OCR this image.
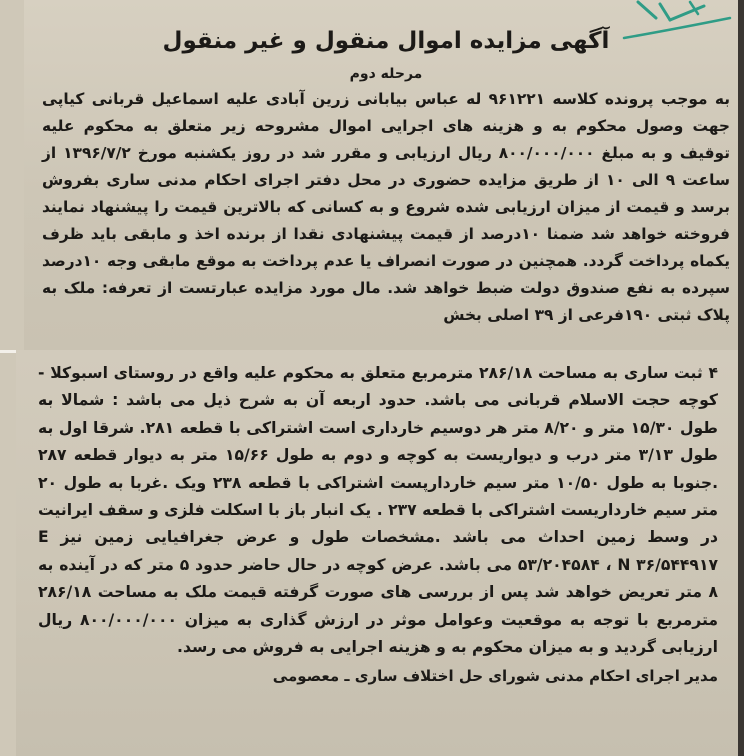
آگهی مزایده اموال منقول و غیر منقول
مرحله دوم

به موجب پرونده کلاسه ۹۶۱۲۲۱ له عباس بیابانی زرین آبادی علیه اسماعیل قربانی کیاپی جهت وصول محکوم به و هزینه های اجرایی اموال مشروحه زیر متعلق به محکوم علیه توقیف و به مبلغ ۸۰۰/۰۰۰/۰۰۰ ریال ارزیابی و مقرر شد در روز یکشنبه مورخ ۱۳۹۶/۷/۲ از ساعت ۹ الی ۱۰ از طریق مزایده حضوری در محل دفتر اجرای احکام مدنی ساری بفروش برسد و قیمت از میزان ارزیابی شده شروع و به کسانی که بالاترین قیمت را پیشنهاد نمایند فروخته خواهد شد ضمنا ۱۰درصد از قیمت پیشنهادی نقدا از برنده اخذ و مابقی باید ظرف یکماه پرداخت گردد. همچنین در صورت انصراف یا عدم پرداخت به موقع مابقی وجه ۱۰درصد سپرده به نفع صندوق دولت ضبط خواهد شد. مال مورد مزایده عبارتست از تعرفه: ملک به پلاک ثبتی ۱۹۰فرعی از ۳۹ اصلی بخش

۴ ثبت ساری به مساحت ۲۸۶/۱۸ مترمربع متعلق به محکوم علیه واقع در روستای اسبوکلا - کوچه حجت الاسلام قربانی می باشد. حدود اربعه آن به شرح ذیل می باشد : شمالا به طول ۱۵/۳۰ متر و ۸/۲۰ متر هر دوسیم خارداری است اشتراکی با قطعه ۲۸۱. شرقا اول به طول ۳/۱۳ متر درب و دیواریست به کوچه و دوم به طول ۱۵/۶۶ متر به دیوار قطعه ۲۸۷ .جنوبا به طول ۱۰/۵۰ متر سیم خاردارپست اشتراکی با قطعه ۲۳۸ ویک .غربا به طول ۲۰ متر سیم خارداریست اشتراکی با قطعه ۲۳۷ . یک انبار باز با اسکلت فلزی و سقف ایرانیت در وسط زمین احداث می باشد .مشخصات طول و عرض جغرافیایی زمین نیز E ۵۳/۲۰۴۵۸۴ ، N ۳۶/۵۴۴۹۱۷ می باشد. عرض کوچه در حال حاضر حدود ۵ متر که در آینده به ۸ متر تعریض خواهد شد پس از بررسی های صورت گرفته قیمت ملک به مساحت ۲۸۶/۱۸ مترمربع با توجه به موقعیت وعوامل موثر در ارزش گذاری به میزان ۸۰۰/۰۰۰/۰۰۰ ریال ارزیابی گردید و به میزان محکوم به و هزینه اجرایی به فروش می رسد.

مدیر اجرای احکام مدنی شورای حل اختلاف ساری ـ معصومی
